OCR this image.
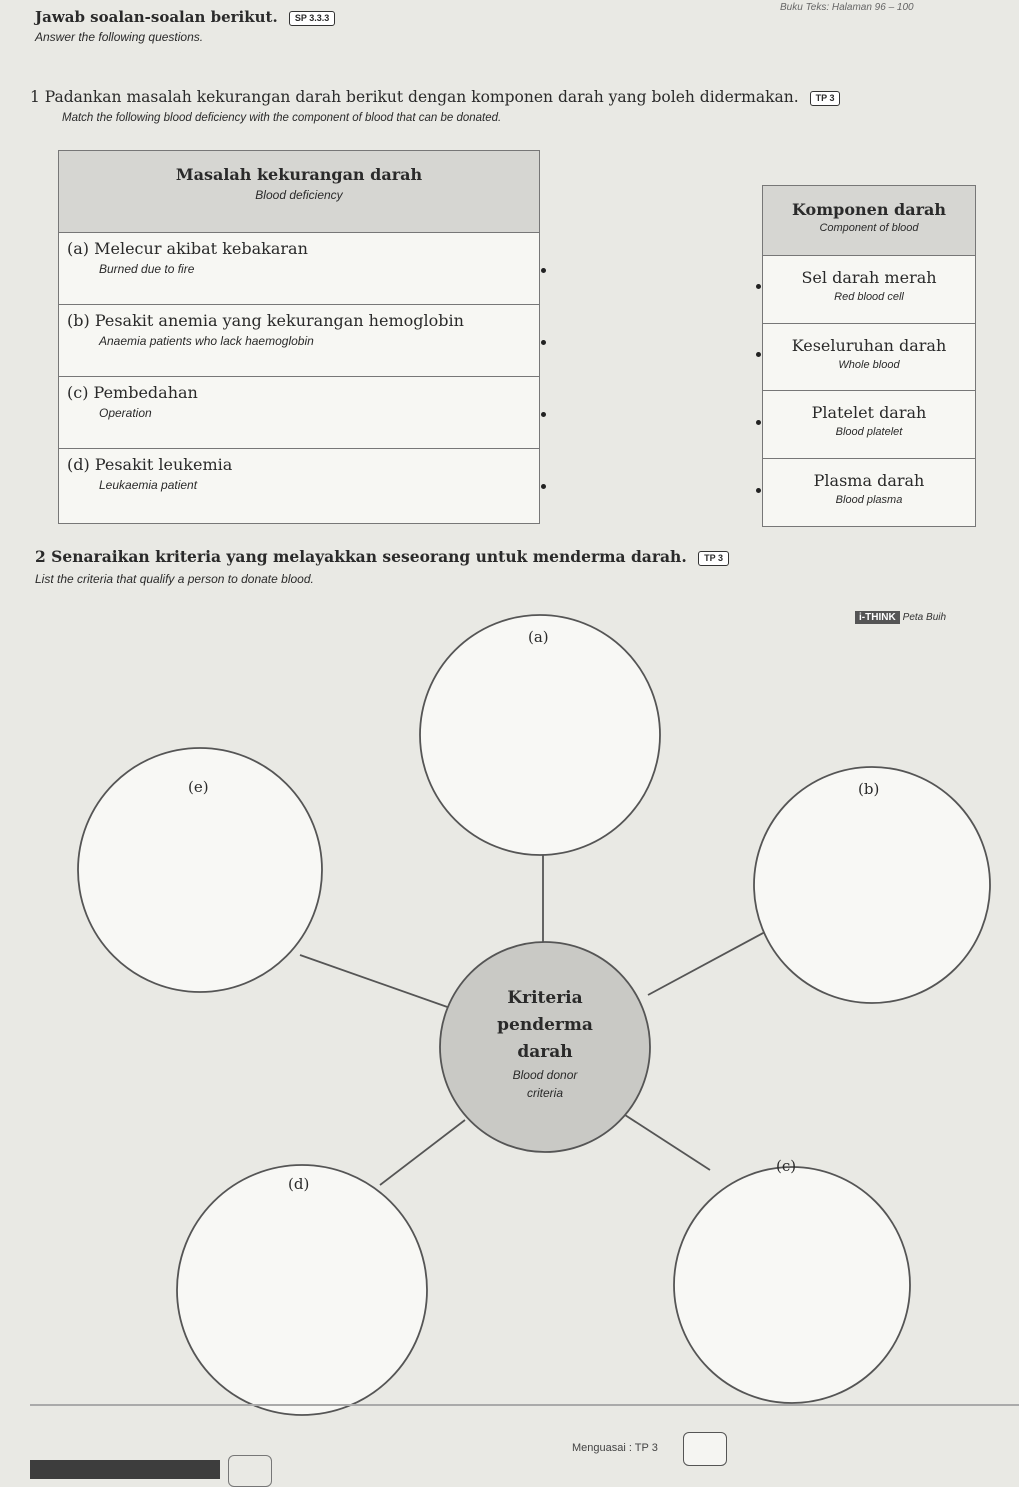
Buku Teks: Halaman 96 – 100
Jawab soalan-soalan berikut. SP 3.3.3
Answer the following questions.
1 Padankan masalah kekurangan darah berikut dengan komponen darah yang boleh didermakan. TP 3
Match the following blood deficiency with the component of blood that can be donated.
Masalah kekurangan darah
Blood deficiency
(a) Melecur akibat kebakaran
Burned due to fire
(b) Pesakit anemia yang kekurangan hemoglobin
Anaemia patients who lack haemoglobin
(c) Pembedahan
Operation
(d) Pesakit leukemia
Leukaemia patient
Komponen darah
Component of blood
Sel darah merah
Red blood cell
Keseluruhan darah
Whole blood
Platelet darah
Blood platelet
Plasma darah
Blood plasma
2 Senaraikan kriteria yang melayakkan seseorang untuk menderma darah. TP 3
List the criteria that qualify a person to donate blood.
i-THINK Peta Buih
(a)
(b)
(c)
(d)
(e)
Kriteria
penderma
darah
Blood donor
criteria
Menguasai : TP 3
